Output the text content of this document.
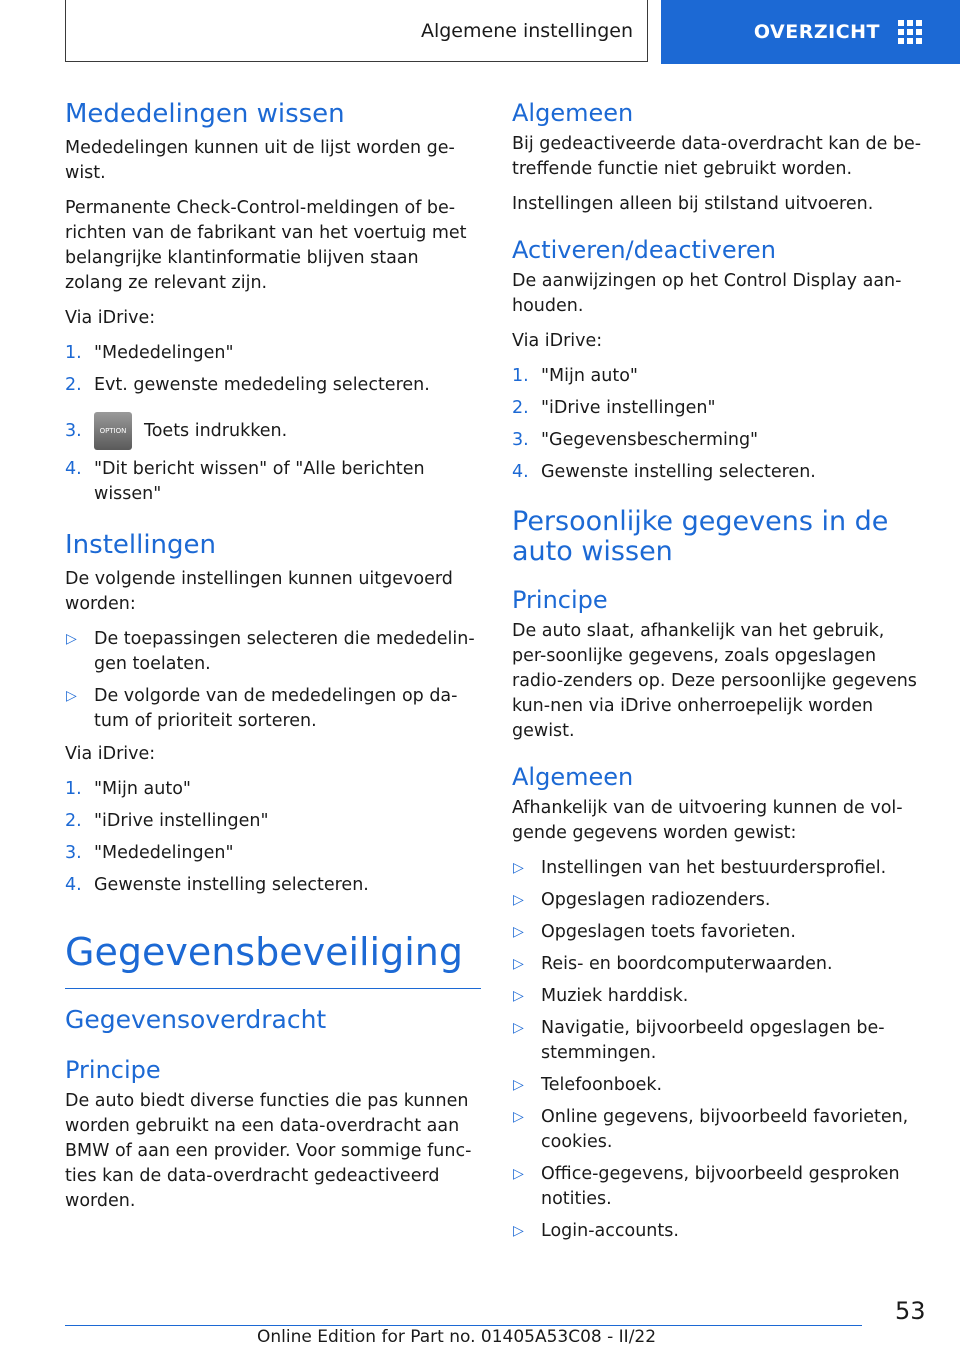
Algemene instellingen	OVERZICHT
Mededelingen wissen

Mededelingen kunnen uit de lijst worden ge-wist.

Permanente Check-Control-meldingen of be-richten van de fabrikant van het voertuig met belangrijke klantinformatie blijven staan zolang ze relevant zijn.

Via iDrive:

1. "Mededelingen"
2. Evt. gewenste mededeling selecteren.
3.	OPTION Toets indrukken.
4. "Dit bericht wissen" of "Alle berichten wissen"
Instellingen

De volgende instellingen kunnen uitgevoerd worden:

▷ De toepassingen selecteren die mededelin-gen toelaten.
▷ De volgorde van de mededelingen op da-tum of prioriteit sorteren.

Via iDrive:

1. "Mijn auto"
2. "iDrive instellingen"
3. "Mededelingen"
4. Gewenste instelling selecteren.
Gegevensbeveiliging
Gegevensoverdracht
Principe

De auto biedt diverse functies die pas kunnen worden gebruikt na een data-overdracht aan BMW of aan een provider. Voor sommige func-ties kan de data-overdracht gedeactiveerd worden.

Algemeen

Bij gedeactiveerde data-overdracht kan de be-treffende functie niet gebruikt worden.

Instellingen alleen bij stilstand uitvoeren.

Activeren/deactiveren

De aanwijzingen op het Control Display aan-houden.

Via iDrive:

1. "Mijn auto"
2. "iDrive instellingen"
3. "Gegevensbescherming"
4. Gewenste instelling selecteren.
Persoonlijke gegevens in de auto wissen
Principe

De auto slaat, afhankelijk van het gebruik, per-soonlijke gegevens, zoals opgeslagen radio-zenders op. Deze persoonlijke gegevens kun-nen via iDrive onherroepelijk worden gewist.

Algemeen

Afhankelijk van de uitvoering kunnen de vol-gende gegevens worden gewist:

▷ Instellingen van het bestuurdersprofiel.
▷ Opgeslagen radiozenders.
▷ Opgeslagen toets favorieten.
▷ Reis- en boordcomputerwaarden.
▷ Muziek harddisk.
▷ Navigatie, bijvoorbeeld opgeslagen be-stemmingen.
▷ Telefoonboek.
▷ Online gegevens, bijvoorbeeld favorieten, cookies.
▷ Office-gegevens, bijvoorbeeld gesproken notities.
▷ Login-accounts.
53
Online Edition for Part no. 01405A53C08 - II/22
